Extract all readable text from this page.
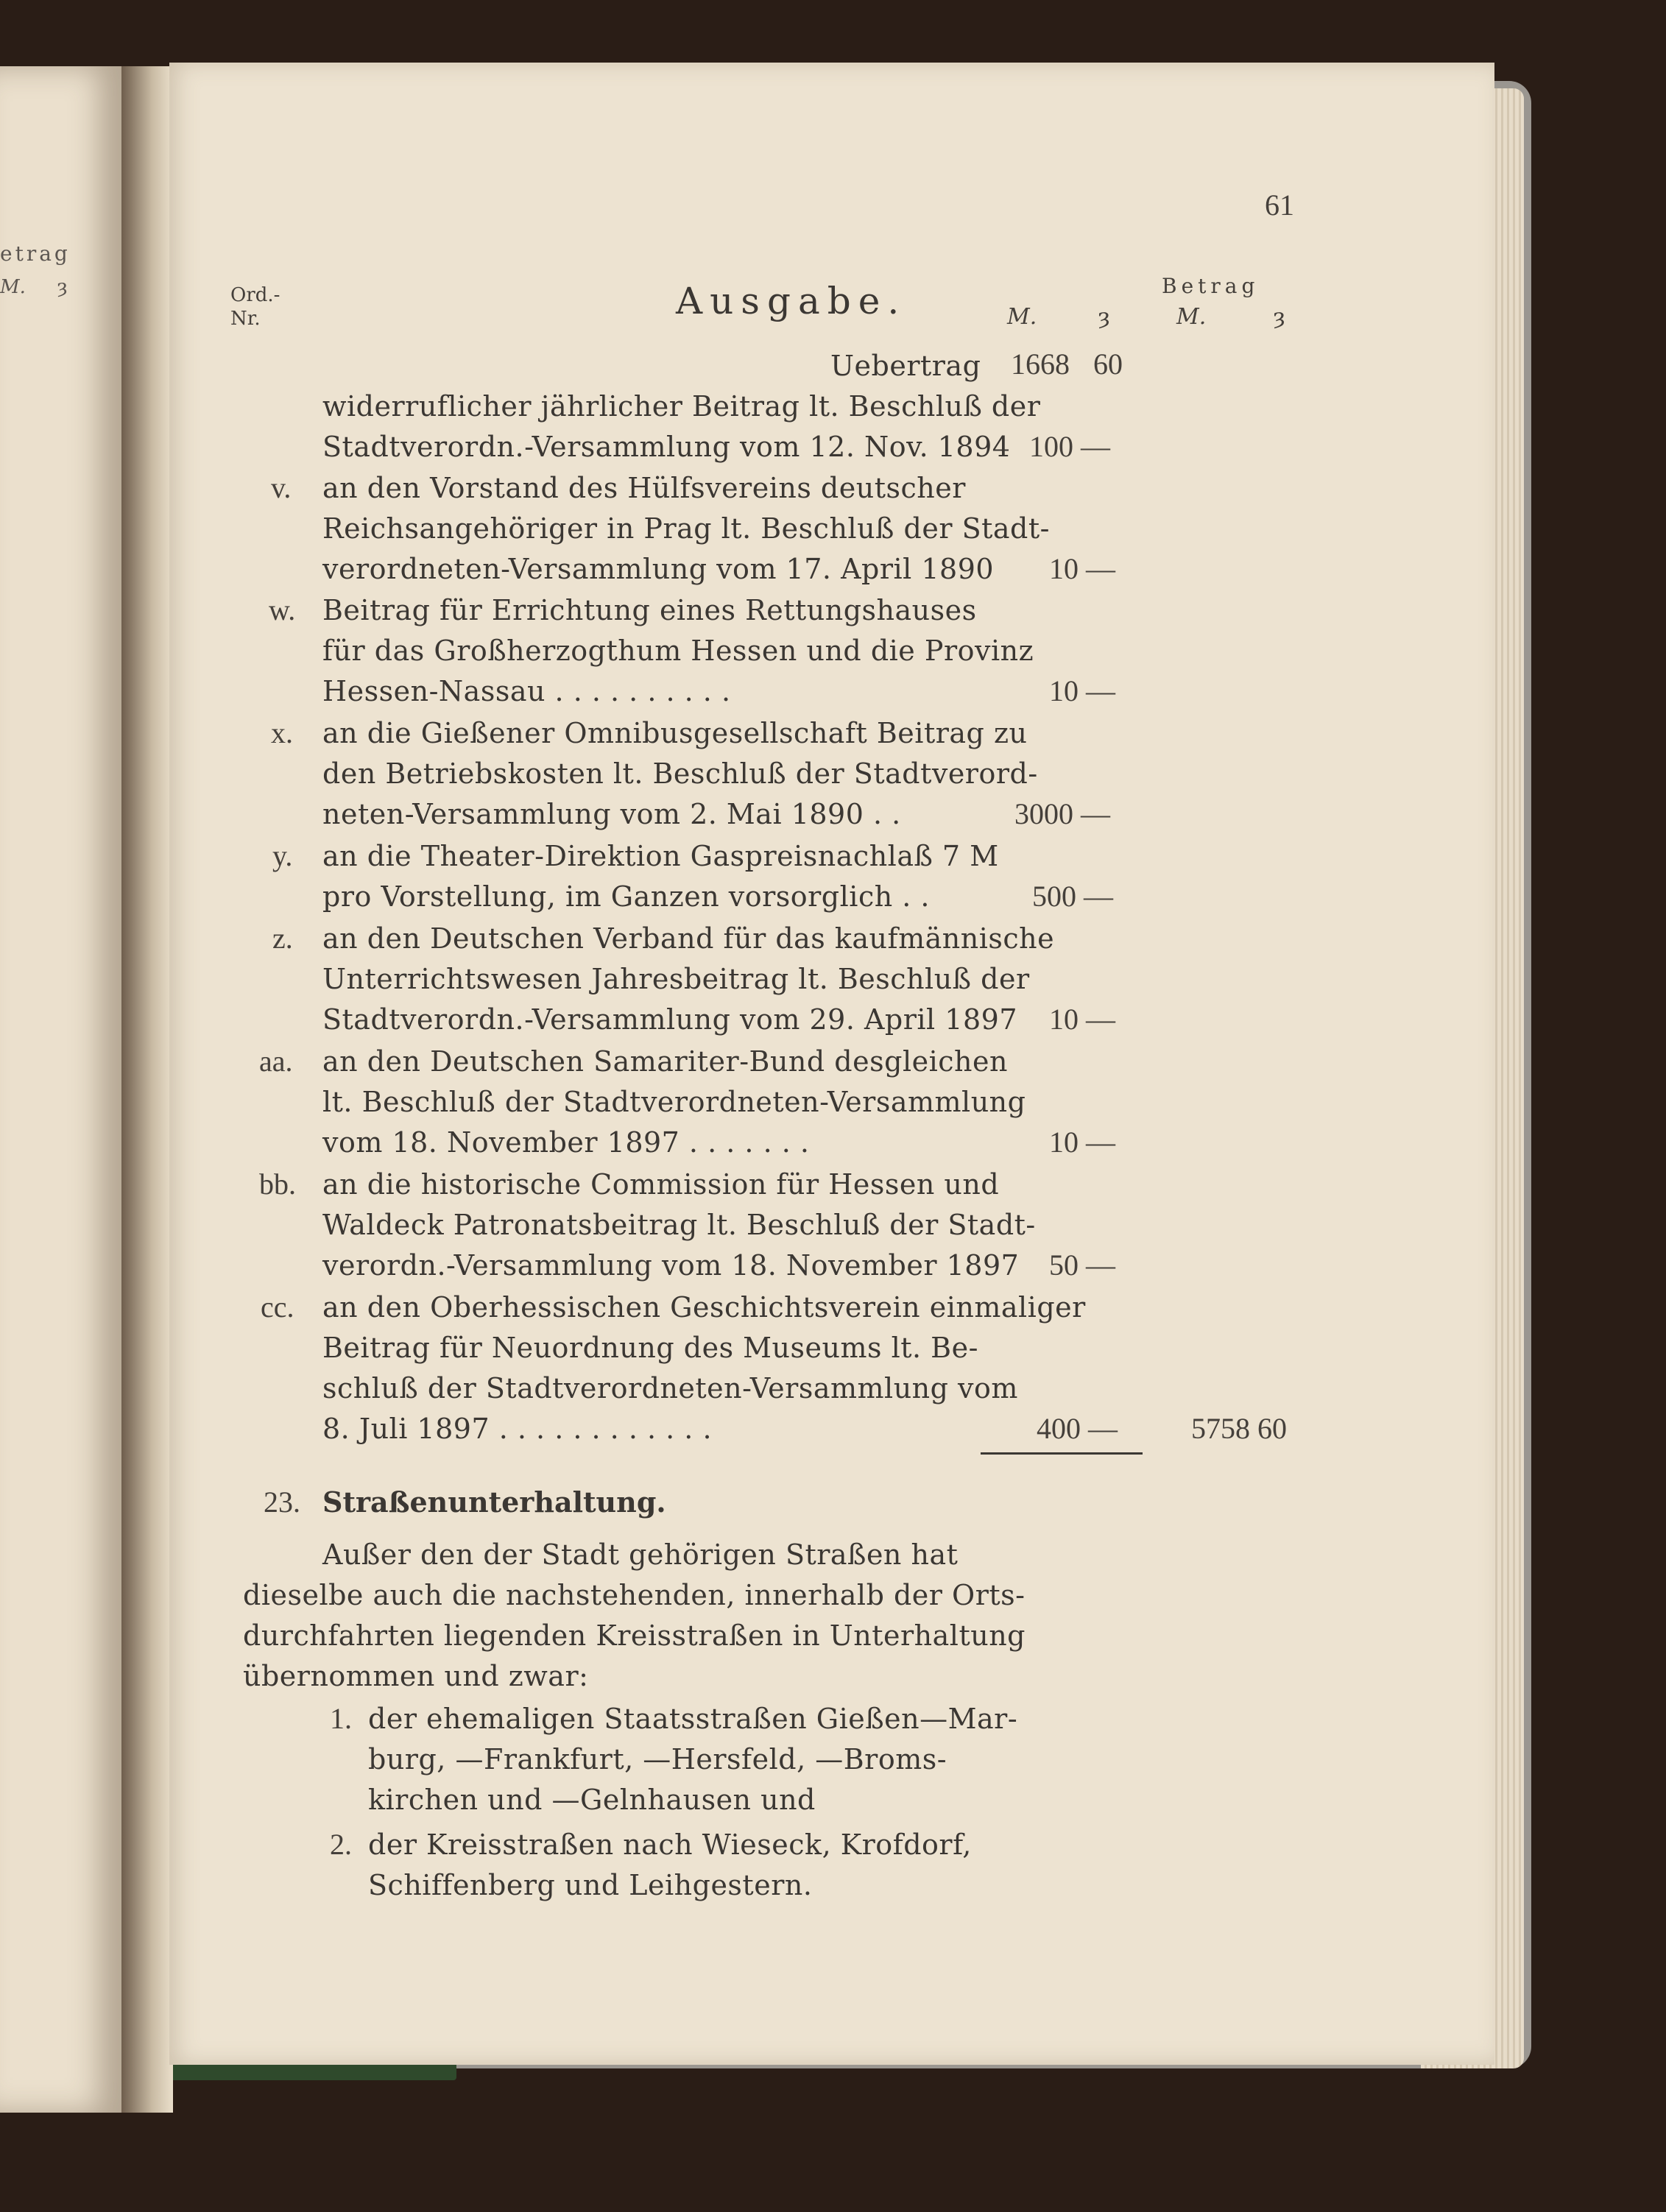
etrag
M. ȝ
61
Ord.-
Nr.	Ausgabe.	M.	ȝ
Betrag
M.	ȝ
Uebertrag 1668 60
widerruflicher jährlicher Beitrag lt. Beschluß der
Stadtverordn.-Versammlung vom 12. Nov. 1894 100 —
v. an den Vorstand des Hülfsvereins deutscher
Reichsangehöriger in Prag lt. Beschluß der Stadt-
verordneten-Versammlung vom 17. April 1890 10 —
w. Beitrag für Errichtung eines Rettungshauses
für das Großherzogthum Hessen und die Provinz
Hessen-Nassau . . . . . . . . . .	10 —
x. an die Gießener Omnibusgesellschaft Beitrag zu
den Betriebskosten lt. Beschluß der Stadtverord-
neten-Versammlung vom 2. Mai 1890 . .	3000 —
y. an die Theater-Direktion Gaspreisnachlaß 7 M
pro Vorstellung, im Ganzen vorsorglich . .	500 —
z. an den Deutschen Verband für das kaufmännische
Unterrichtswesen Jahresbeitrag lt. Beschluß der
Stadtverordn.-Versammlung vom 29. April 1897 10 —
aa. an den Deutschen Samariter-Bund desgleichen
lt. Beschluß der Stadtverordneten-Versammlung
vom 18. November 1897 . . . . . . .	10 —
bb. an die historische Commission für Hessen und
Waldeck Patronatsbeitrag lt. Beschluß der Stadt-
verordn.-Versammlung vom 18. November 1897 50 —
cc. an den Oberhessischen Geschichtsverein einmaliger
Beitrag für Neuordnung des Museums lt. Be-
schluß der Stadtverordneten-Versammlung vom
8. Juli 1897 . . . . . . . . . . . .	400 —	5758 60
23. Straßenunterhaltung.
Außer den der Stadt gehörigen Straßen hat
dieselbe auch die nachstehenden, innerhalb der Orts-
durchfahrten liegenden Kreisstraßen in Unterhaltung
übernommen und zwar:
1. der ehemaligen Staatsstraßen Gießen—Mar-
burg, —Frankfurt, —Hersfeld, —Broms-
kirchen und —Gelnhausen und
2. der Kreisstraßen nach Wieseck, Krofdorf,
Schiffenberg und Leihgestern.
